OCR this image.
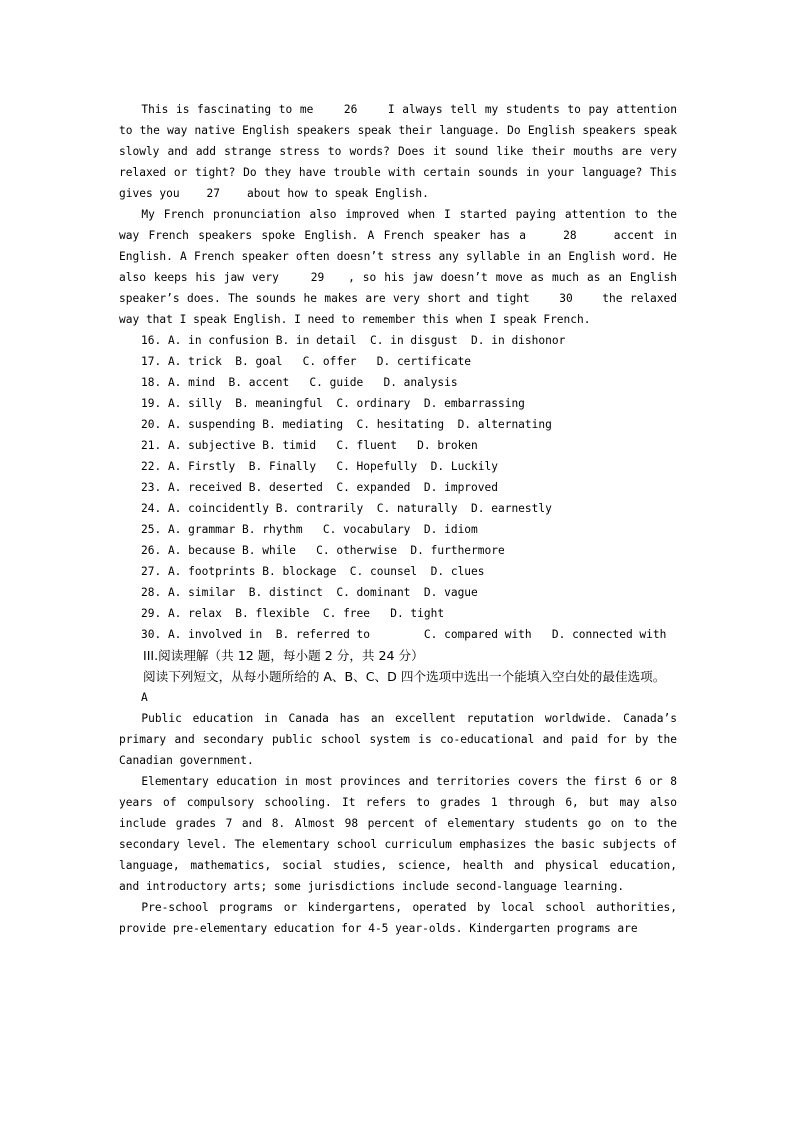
This is fascinating to me    26    I always tell my students to pay attention to the way native English speakers speak their language. Do English speakers speak slowly and add strange stress to words? Does it sound like their mouths are very relaxed or tight? Do they have trouble with certain sounds in your language? This gives you    27    about how to speak English.

My French pronunciation also improved when I started paying attention to the way French speakers spoke English. A French speaker has a    28    accent in English. A French speaker often doesn’t stress any syllable in an English word. He also keeps his jaw very    29   , so his jaw doesn’t move as much as an English speaker’s does. The sounds he makes are very short and tight    30    the relaxed way that I speak English. I need to remember this when I speak French.

16. A. in confusion B. in detail  C. in disgust  D. in dishonor

17. A. trick  B. goal   C. offer   D. certificate

18. A. mind  B. accent   C. guide   D. analysis

19. A. silly  B. meaningful  C. ordinary  D. embarrassing

20. A. suspending B. mediating  C. hesitating  D. alternating

21. A. subjective B. timid   C. fluent   D. broken

22. A. Firstly  B. Finally   C. Hopefully  D. Luckily

23. A. received B. deserted  C. expanded  D. improved

24. A. coincidently B. contrarily  C. naturally  D. earnestly

25. A. grammar B. rhythm   C. vocabulary  D. idiom

26. A. because B. while   C. otherwise  D. furthermore

27. A. footprints B. blockage  C. counsel  D. clues

28. A. similar  B. distinct  C. dominant  D. vague

29. A. relax  B. flexible  C. free   D. tight

30. A. involved in  B. referred to        C. compared with   D. connected with

III.阅读理解（共 12 题，每小题 2 分，共 24 分）

阅读下列短文，从每小题所给的 A、B、C、D 四个选项中选出一个能填入空白处的最佳选项。

A

Public education in Canada has an excellent reputation worldwide. Canada’s primary and secondary public school system is co-educational and paid for by the Canadian government.

Elementary education in most provinces and territories covers the first 6 or 8 years of compulsory schooling. It refers to grades 1 through 6, but may also include grades 7 and 8. Almost 98 percent of elementary students go on to the secondary level. The elementary school curriculum emphasizes the basic subjects of language, mathematics, social studies, science, health and physical education,  and introductory arts; some jurisdictions include second-language learning.

Pre-school programs or kindergartens, operated by local school authorities, provide pre-elementary education for 4-5 year-olds. Kindergarten programs are
